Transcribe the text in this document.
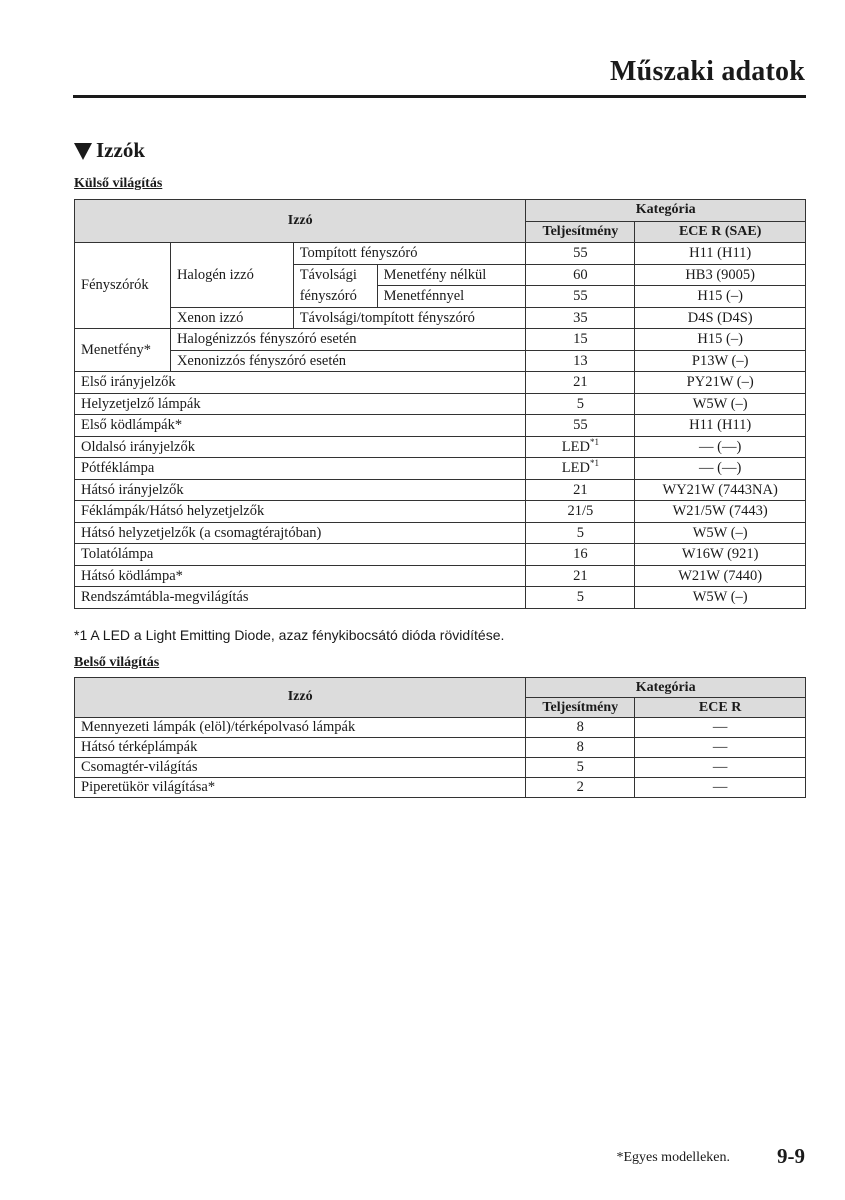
Műszaki adatok
Izzók
Külső világítás
Izzó				Kategória	
				Teljesítmény	ECE R (SAE)
Fényszórók	Halogén izzó	Tompított fényszóró		55	H11 (H11)
		Távolsági fényszóró	Menetfény nélkül	60	HB3 (9005)
			Menetfénnyel	55	H15 (–)
	Xenon izzó	Távolsági/tompított fényszóró		35	D4S (D4S)
Menetfény*	Halogénizzós fényszóró esetén			15	H15 (–)
	Xenonizzós fényszóró esetén			13	P13W (–)
Első irányjelzők				21	PY21W (–)
Helyzetjelző lámpák				5	W5W (–)
Első ködlámpák*				55	H11 (H11)
Oldalsó irányjelzők				LED$^{*1}$	— (—)
Pótféklámpa				LED$^{*1}$	— (—)
Hátsó irányjelzők				21	WY21W (7443NA)
Féklámpák/Hátsó helyzetjelzők				21/5	W21/5W (7443)
Hátsó helyzetjelzők (a csomagtérajtóban)				5	W5W (–)
Tolatólámpa				16	W16W (921)
Hátsó ködlámpa*				21	W21W (7440)
Rendszámtábla-megvilágítás				5	W5W (–)
*1 A LED a Light Emitting Diode, azaz fénykibocsátó dióda rövidítése.
Belső világítás
Izzó	Kategória	
	Teljesítmény	ECE R
Mennyezeti lámpák (elöl)/térképolvasó lámpák	8	—
Hátsó térképlámpák	8	—
Csomagtér-világítás	5	—
Piperetükör világítása*	2	—
*Egyes modelleken. 9-9
